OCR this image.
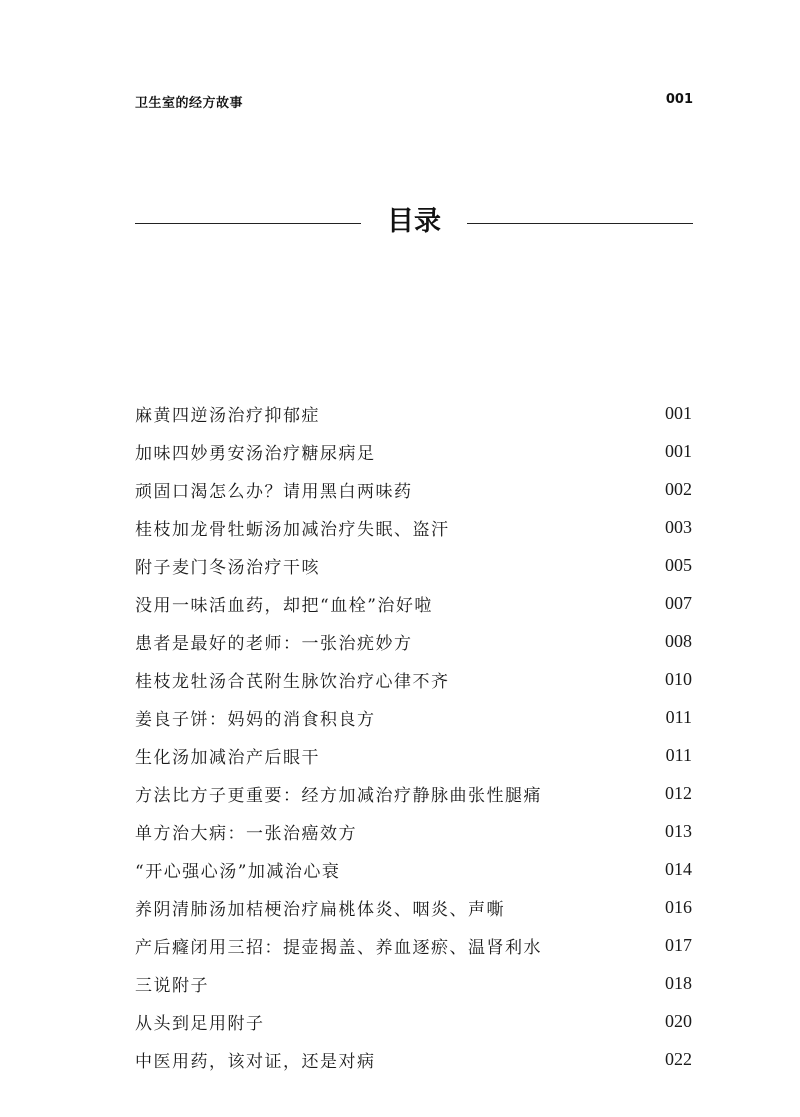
卫生室的经方故事	001
目录
麻黄四逆汤治疗抑郁症	001
加味四妙勇安汤治疗糖尿病足	001
顽固口渴怎么办？请用黑白两味药	002
桂枝加龙骨牡蛎汤加减治疗失眠、盗汗	003
附子麦门冬汤治疗干咳	005
没用一味活血药，却把“血栓”治好啦	007
患者是最好的老师：一张治疣妙方	008
桂枝龙牡汤合芪附生脉饮治疗心律不齐	010
姜良子饼：妈妈的消食积良方	011
生化汤加减治产后眼干	011
方法比方子更重要：经方加减治疗静脉曲张性腿痛	012
单方治大病：一张治癌效方	013
“开心强心汤”加减治心衰	014
养阴清肺汤加桔梗治疗扁桃体炎、咽炎、声嘶	016
产后癃闭用三招：提壶揭盖、养血逐瘀、温肾利水	017
三说附子	018
从头到足用附子	020
中医用药，该对证，还是对病	022
